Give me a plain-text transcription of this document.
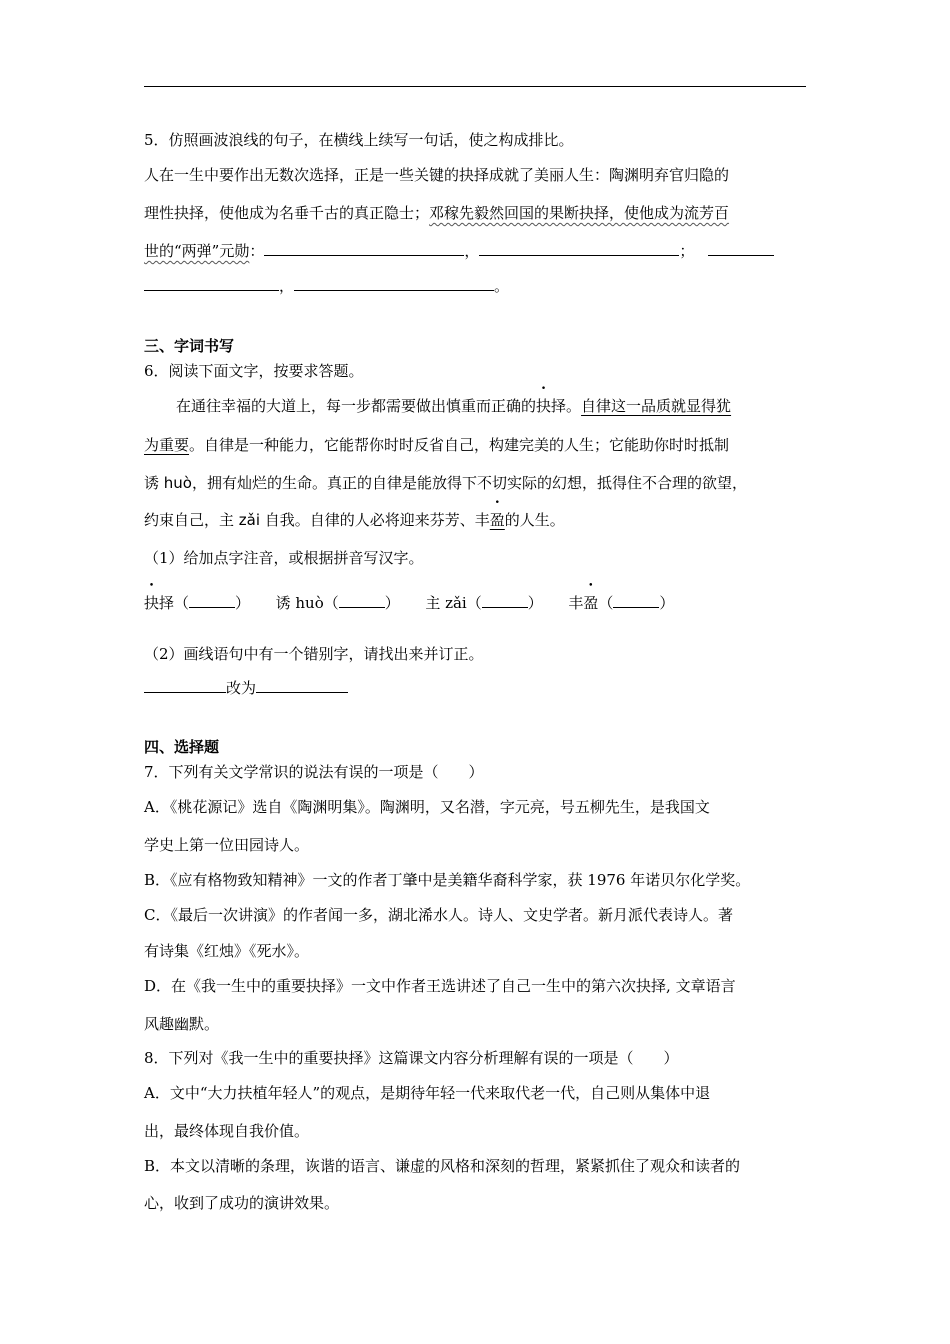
5．仿照画波浪线的句子，在横线上续写一句话，使之构成排比。
人在一生中要作出无数次选择，正是一些关键的抉择成就了美丽人生：陶渊明弃官归隐的
理性抉择，使他成为名垂千古的真正隐士；邓稼先毅然回国的果断抉择，使他成为流芳百
世的“两弹”元勋：	，	；
，	。
三、字词书写
6．阅读下面文字，按要求答题。
在通往幸福的大道上，每一步都需要做出慎重而正确的抉择。自律这一品质就显得犹
为重要。自律是一种能力，它能帮你时时反省自己，构建完美的人生；它能助你时时抵制
诱 huò，拥有灿烂的生命。真正的自律是能放得下不切实际的幻想，抵得住不合理的欲望，
约束自己，主 zǎi 自我。自律的人必将迎来芬芳、丰盈的人生。
（1）给加点字注音，或根据拼音写汉字。
抉择（	） 诱 huò（	） 主 zǎi（	） 丰盈（	）
（2）画线语句中有一个错别字，请找出来并订正。
改为
四、选择题
7．下列有关文学常识的说法有误的一项是（　　）
A．《桃花源记》选自《陶渊明集》。陶渊明，又名潜，字元亮，号五柳先生，是我国文
学史上第一位田园诗人。
B．《应有格物致知精神》一文的作者丁肇中是美籍华裔科学家，获 1976 年诺贝尔化学奖。
C．《最后一次讲演》的作者闻一多，湖北浠水人。诗人、文史学者。新月派代表诗人。著
有诗集《红烛》《死水》。
D．在《我一生中的重要抉择》一文中作者王选讲述了自己一生中的第六次抉择, 文章语言
风趣幽默。
8．下列对《我一生中的重要抉择》这篇课文内容分析理解有误的一项是（　　）
A．文中“大力扶植年轻人”的观点，是期待年轻一代来取代老一代，自己则从集体中退
出，最终体现自我价值。
B．本文以清晰的条理，诙谐的语言、谦虚的风格和深刻的哲理，紧紧抓住了观众和读者的
心，收到了成功的演讲效果。
